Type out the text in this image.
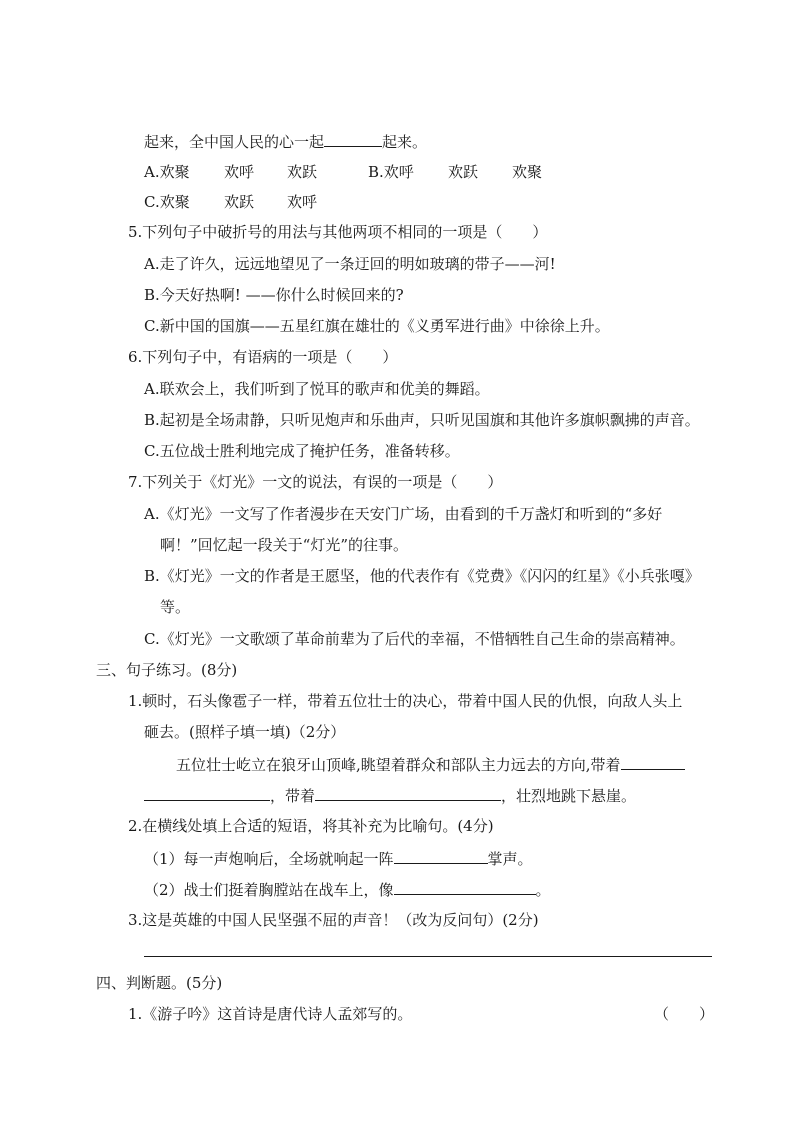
起来，全中国人民的心一起	起来。
A.欢聚 欢呼 欢跃	B.欢呼 欢跃 欢聚
C.欢聚 欢跃 欢呼
5.下列句子中破折号的用法与其他两项不相同的一项是（　　）
A.走了许久，远远地望见了一条迂回的明如玻璃的带子——河!
B.今天好热啊! ——你什么时候回来的?
C.新中国的国旗——五星红旗在雄壮的《义勇军进行曲》中徐徐上升。
6.下列句子中，有语病的一项是（　　）
A.联欢会上，我们听到了悦耳的歌声和优美的舞蹈。
B.起初是全场肃静，只听见炮声和乐曲声，只听见国旗和其他许多旗帜飘拂的声音。
C.五位战士胜利地完成了掩护任务，准备转移。
7.下列关于《灯光》一文的说法，有误的一项是（　　）
A.《灯光》一文写了作者漫步在天安门广场，由看到的千万盏灯和听到的“多好
啊！”回忆起一段关于“灯光”的往事。
B.《灯光》一文的作者是王愿坚，他的代表作有《党费》《闪闪的红星》《小兵张嘎》
等。
C.《灯光》一文歌颂了革命前辈为了后代的幸福，不惜牺牲自己生命的崇高精神。
三、句子练习。(8分)
1.顿时，石头像雹子一样，带着五位壮士的决心，带着中国人民的仇恨，向敌人头上
砸去。(照样子填一填)（2分）
五位壮士屹立在狼牙山顶峰,眺望着群众和部队主力远去的方向,带着
，带着	，壮烈地跳下悬崖。
2.在横线处填上合适的短语，将其补充为比喻句。(4分)
（1）每一声炮响后，全场就响起一阵	掌声。
（2）战士们挺着胸膛站在战车上，像	。
3.这是英雄的中国人民坚强不屈的声音！（改为反问句）(2分)
四、判断题。(5分)
1.《游子吟》这首诗是唐代诗人孟郊写的。	（　　）
